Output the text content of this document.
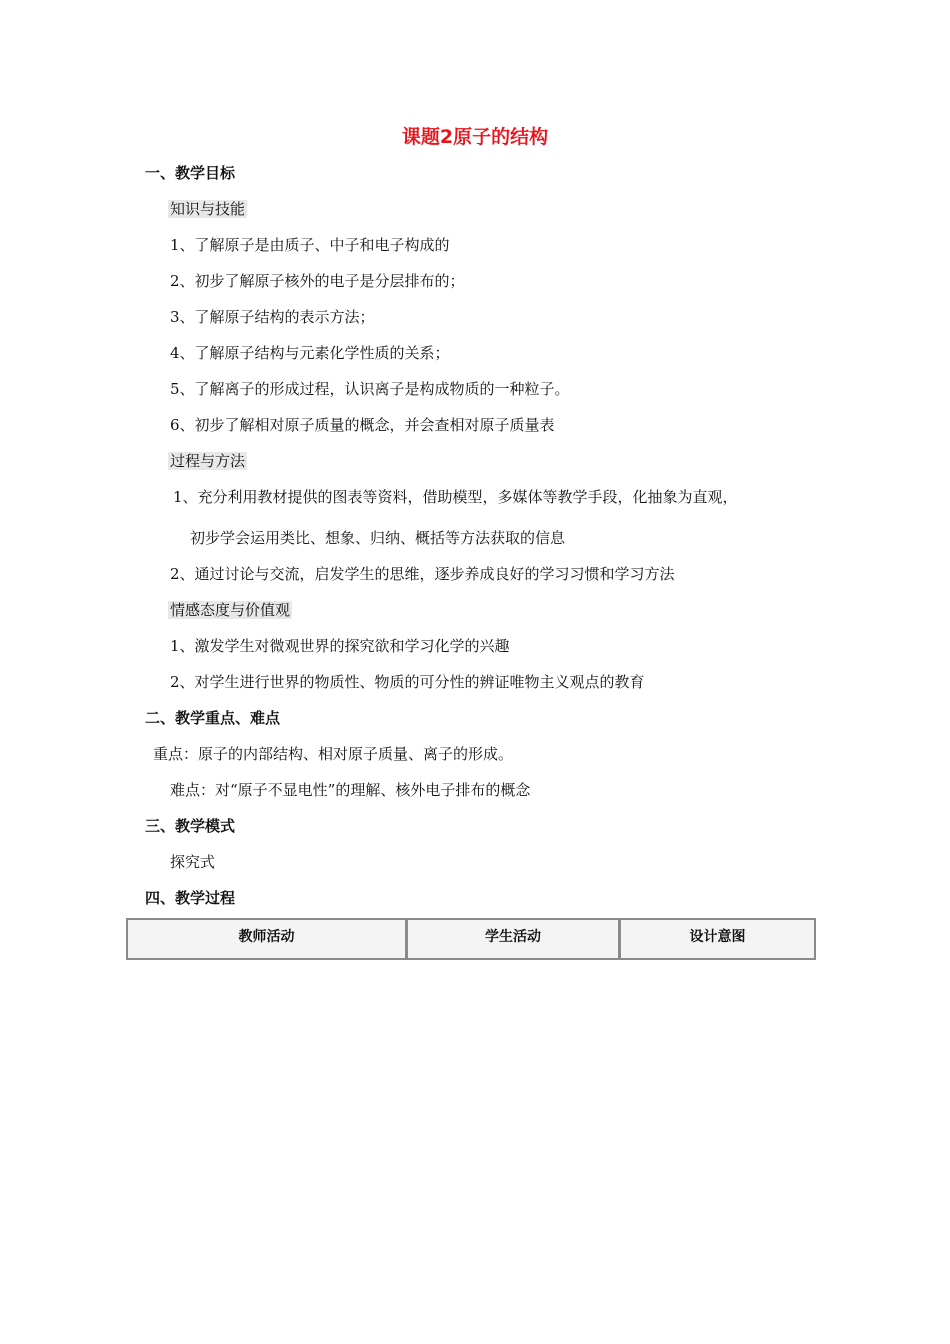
课题2原子的结构
一、教学目标
知识与技能
1、了解原子是由质子、中子和电子构成的
2、初步了解原子核外的电子是分层排布的；
3、了解原子结构的表示方法；
4、了解原子结构与元素化学性质的关系；
5、了解离子的形成过程，认识离子是构成物质的一种粒子。
6、初步了解相对原子质量的概念，并会查相对原子质量表
过程与方法
1、充分利用教材提供的图表等资料，借助模型，多媒体等教学手段，化抽象为直观，
初步学会运用类比、想象、归纳、概括等方法获取的信息
2、通过讨论与交流，启发学生的思维，逐步养成良好的学习习惯和学习方法
情感态度与价值观
1、激发学生对微观世界的探究欲和学习化学的兴趣
2、对学生进行世界的物质性、物质的可分性的辨证唯物主义观点的教育
二、教学重点、难点
重点：原子的内部结构、相对原子质量、离子的形成。
难点：对“原子不显电性”的理解、核外电子排布的概念
三、教学模式
探究式
四、教学过程
教师活动	学生活动	设计意图
